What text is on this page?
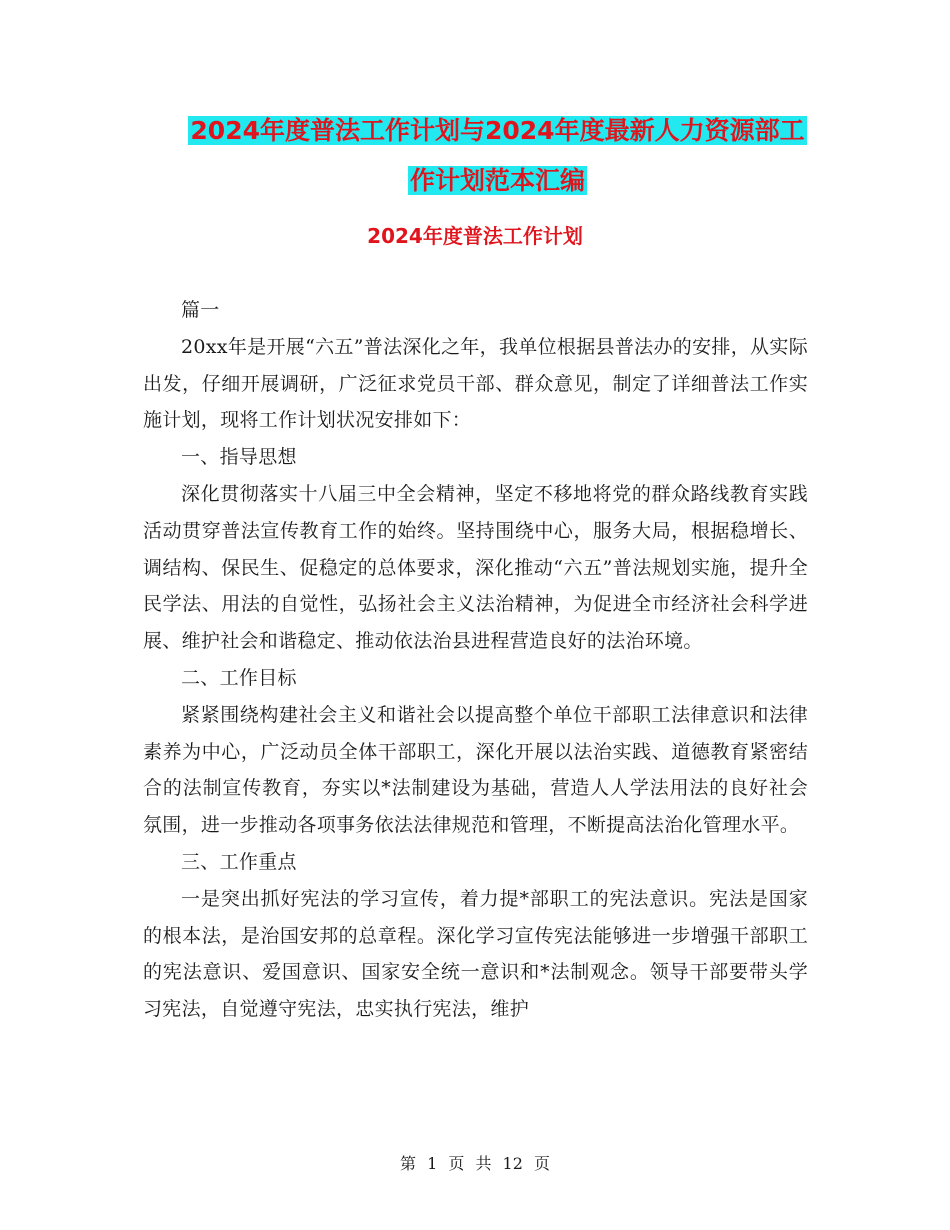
2024年度普法工作计划与2024年度最新人力资源部工
作计划范本汇编
2024年度普法工作计划

篇一

20xx年是开展“六五”普法深化之年，我单位根据县普法办的安排，从实际出发，仔细开展调研，广泛征求党员干部、群众意见，制定了详细普法工作实施计划，现将工作计划状况安排如下：

一、指导思想

深化贯彻落实十八届三中全会精神，坚定不移地将党的群众路线教育实践活动贯穿普法宣传教育工作的始终。坚持围绕中心，服务大局，根据稳增长、调结构、保民生、促稳定的总体要求，深化推动“六五”普法规划实施，提升全民学法、用法的自觉性，弘扬社会主义法治精神，为促进全市经济社会科学进展、维护社会和谐稳定、推动依法治县进程营造良好的法治环境。

二、工作目标

紧紧围绕构建社会主义和谐社会以提高整个单位干部职工法律意识和法律素养为中心，广泛动员全体干部职工，深化开展以法治实践、道德教育紧密结合的法制宣传教育，夯实以*法制建设为基础，营造人人学法用法的良好社会氛围，进一步推动各项事务依法法律规范和管理，不断提高法治化管理水平。

三、工作重点

一是突出抓好宪法的学习宣传，着力提*部职工的宪法意识。宪法是国家的根本法，是治国安邦的总章程。深化学习宣传宪法能够进一步增强干部职工的宪法意识、爱国意识、国家安全统一意识和*法制观念。领导干部要带头学习宪法，自觉遵守宪法，忠实执行宪法，维护

第 1 页 共 12 页
